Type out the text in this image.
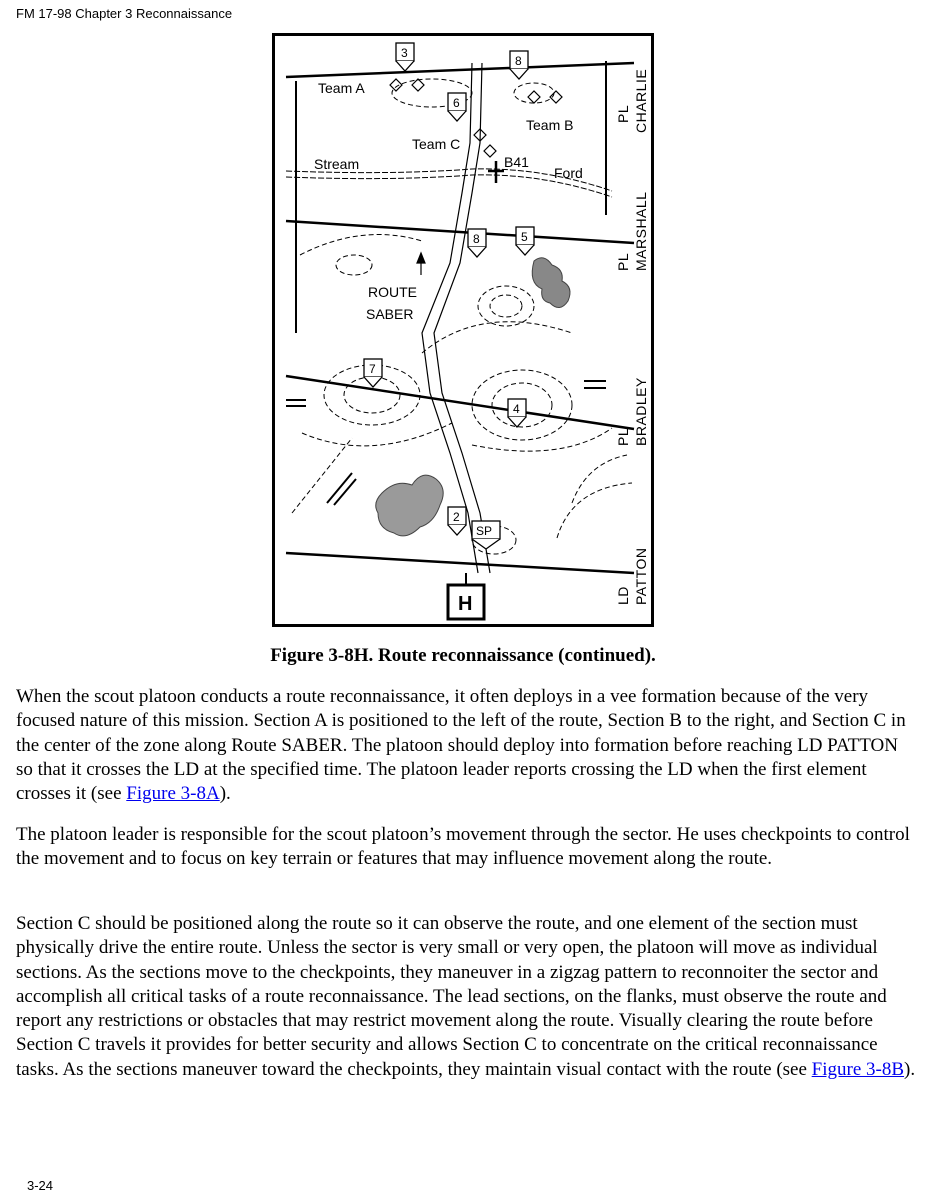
FM 17-98 Chapter 3 Reconnaissance
Team A
Team B
Team C
Stream
Ford
B41
ROUTE
SABER
PL CHARLIE
PL MARSHALL
PL BRADLEY
LD PATTON
3
8
6
8	5
7
4
2
SP
H
Figure 3-8H. Route reconnaissance (continued).

When the scout platoon conducts a route reconnaissance, it often deploys in a vee formation because of the very focused nature of this mission. Section A is positioned to the left of the route, Section B to the right, and Section C in the center of the zone along Route SABER. The platoon should deploy into formation before reaching LD PATTON so that it crosses the LD at the specified time. The platoon leader reports crossing the LD when the first element crosses it (see Figure 3-8A).

The platoon leader is responsible for the scout platoon’s movement through the sector. He uses checkpoints to control the movement and to focus on key terrain or features that may influence movement along the route.

Section C should be positioned along the route so it can observe the route, and one element of the section must physically drive the entire route. Unless the sector is very small or very open, the platoon will move as individual sections. As the sections move to the checkpoints, they maneuver in a zigzag pattern to reconnoiter the sector and accomplish all critical tasks of a route reconnaissance. The lead sections, on the flanks, must observe the route and report any restrictions or obstacles that may restrict movement along the route. Visually clearing the route before Section C travels it provides for better security and allows Section C to concentrate on the critical reconnaissance tasks. As the sections maneuver toward the checkpoints, they maintain visual contact with the route (see Figure 3-8B).

3-24
